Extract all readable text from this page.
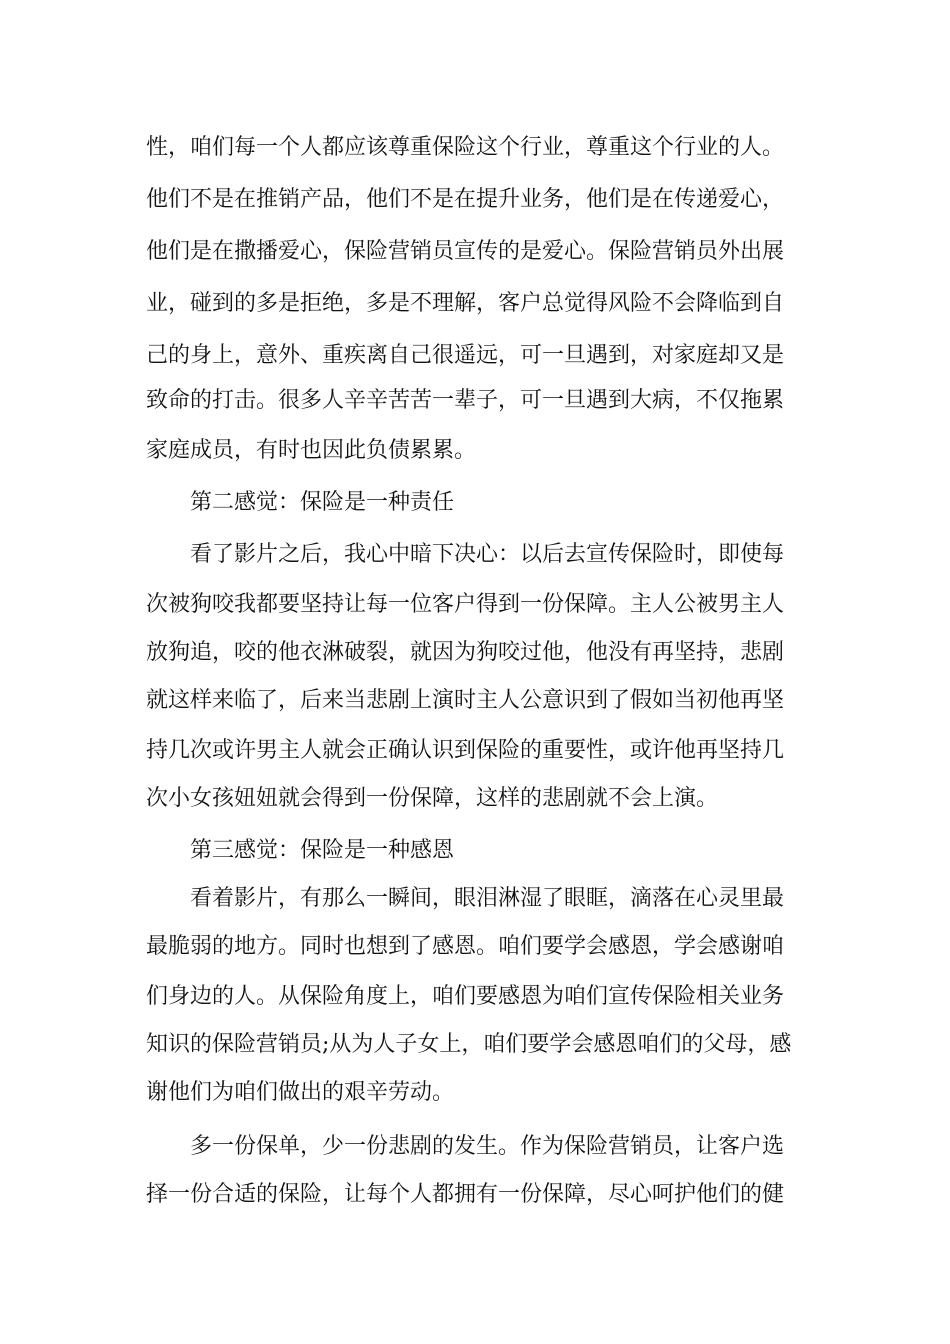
性，咱们每一个人都应该尊重保险这个行业，尊重这个行业的人。
他们不是在推销产品，他们不是在提升业务，他们是在传递爱心，
他们是在撒播爱心，保险营销员宣传的是爱心。保险营销员外出展
业，碰到的多是拒绝，多是不理解，客户总觉得风险不会降临到自
己的身上，意外、重疾离自己很遥远，可一旦遇到，对家庭却又是
致命的打击。很多人辛辛苦苦一辈子，可一旦遇到大病，不仅拖累
家庭成员，有时也因此负债累累。
第二感觉：保险是一种责任
看了影片之后，我心中暗下决心：以后去宣传保险时，即使每
次被狗咬我都要坚持让每一位客户得到一份保障。主人公被男主人
放狗追，咬的他衣淋破裂，就因为狗咬过他，他没有再坚持，悲剧
就这样来临了，后来当悲剧上演时主人公意识到了假如当初他再坚
持几次或许男主人就会正确认识到保险的重要性，或许他再坚持几
次小女孩妞妞就会得到一份保障，这样的悲剧就不会上演。
第三感觉：保险是一种感恩
看着影片，有那么一瞬间，眼泪淋湿了眼眶，滴落在心灵里最
最脆弱的地方。同时也想到了感恩。咱们要学会感恩，学会感谢咱
们身边的人。从保险角度上，咱们要感恩为咱们宣传保险相关业务
知识的保险营销员;从为人子女上，咱们要学会感恩咱们的父母，感
谢他们为咱们做出的艰辛劳动。
多一份保单，少一份悲剧的发生。作为保险营销员，让客户选
择一份合适的保险，让每个人都拥有一份保障，尽心呵护他们的健
